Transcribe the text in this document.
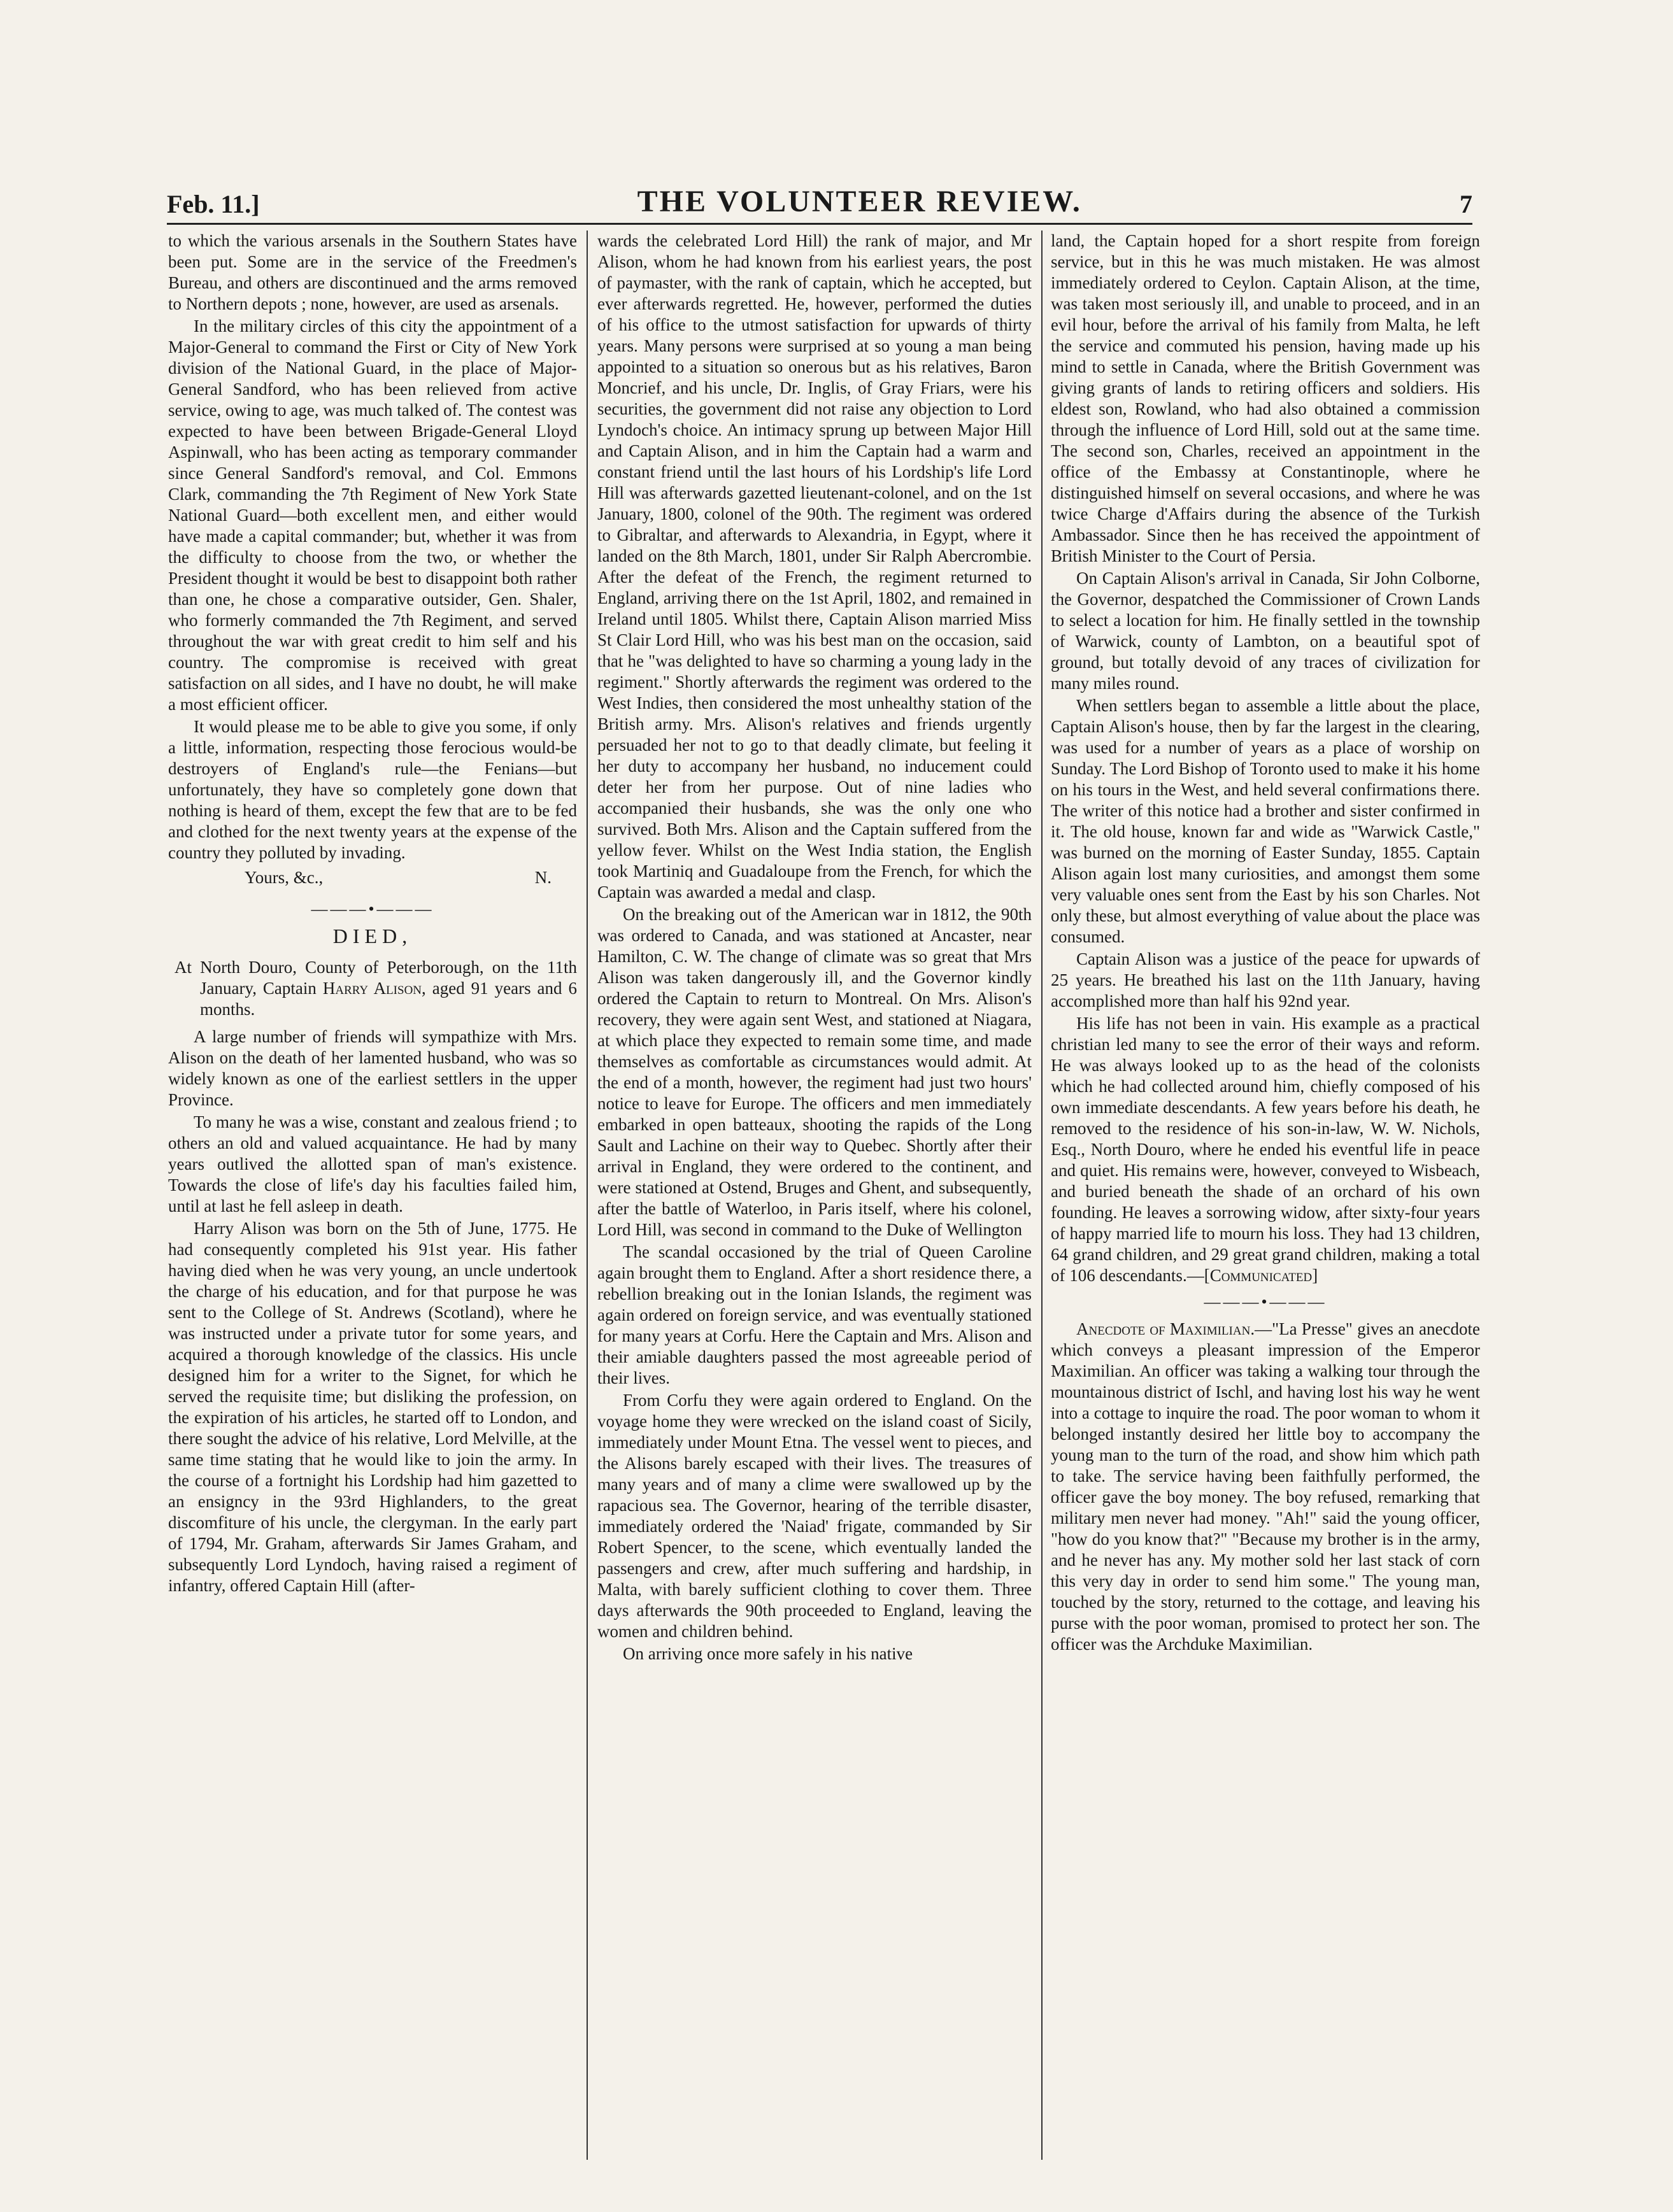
Feb. 11.]	THE VOLUNTEER REVIEW.	7

to which the various arsenals in the Southern States have been put. Some are in the service of the Freedmen's Bureau, and others are discontinued and the arms removed to Northern depots ; none, however, are used as arsenals.

In the military circles of this city the appointment of a Major-General to command the First or City of New York division of the National Guard, in the place of Major-General Sandford, who has been relieved from active service, owing to age, was much talked of. The contest was expected to have been between Brigade-General Lloyd Aspinwall, who has been acting as temporary commander since General Sandford's removal, and Col. Emmons Clark, commanding the 7th Regiment of New York State National Guard—both excellent men, and either would have made a capital commander; but, whether it was from the difficulty to choose from the two, or whether the President thought it would be best to disappoint both rather than one, he chose a comparative outsider, Gen. Shaler, who formerly commanded the 7th Regiment, and served throughout the war with great credit to him self and his country. The compromise is received with great satisfaction on all sides, and I have no doubt, he will make a most efficient officer.

It would please me to be able to give you some, if only a little, information, respecting those ferocious would-be destroyers of England's rule—the Fenians—but unfortunately, they have so completely gone down that nothing is heard of them, except the few that are to be fed and clothed for the next twenty years at the expense of the country they polluted by invading.

Yours, &c.,	N.
———•———
DIED,

At North Douro, County of Peterborough, on the 11th January, Captain Harry Alison, aged 91 years and 6 months.

A large number of friends will sympathize with Mrs. Alison on the death of her lamented husband, who was so widely known as one of the earliest settlers in the upper Province.

To many he was a wise, constant and zealous friend ; to others an old and valued acquaintance. He had by many years outlived the allotted span of man's existence. Towards the close of life's day his faculties failed him, until at last he fell asleep in death.

Harry Alison was born on the 5th of June, 1775. He had consequently completed his 91st year. His father having died when he was very young, an uncle undertook the charge of his education, and for that purpose he was sent to the College of St. Andrews (Scotland), where he was instructed under a private tutor for some years, and acquired a thorough knowledge of the classics. His uncle designed him for a writer to the Signet, for which he served the requisite time; but disliking the profession, on the expiration of his articles, he started off to London, and there sought the advice of his relative, Lord Melville, at the same time stating that he would like to join the army. In the course of a fortnight his Lordship had him gazetted to an ensigncy in the 93rd Highlanders, to the great discomfiture of his uncle, the clergyman. In the early part of 1794, Mr. Graham, afterwards Sir James Graham, and subsequently Lord Lyndoch, having raised a regiment of infantry, offered Captain Hill (after-

wards the celebrated Lord Hill) the rank of major, and Mr Alison, whom he had known from his earliest years, the post of paymaster, with the rank of captain, which he accepted, but ever afterwards regretted. He, however, performed the duties of his office to the utmost satisfaction for upwards of thirty years. Many persons were surprised at so young a man being appointed to a situation so onerous but as his relatives, Baron Moncrief, and his uncle, Dr. Inglis, of Gray Friars, were his securities, the government did not raise any objection to Lord Lyndoch's choice. An intimacy sprung up between Major Hill and Captain Alison, and in him the Captain had a warm and constant friend until the last hours of his Lordship's life Lord Hill was afterwards gazetted lieutenant-colonel, and on the 1st January, 1800, colonel of the 90th. The regiment was ordered to Gibraltar, and afterwards to Alexandria, in Egypt, where it landed on the 8th March, 1801, under Sir Ralph Abercrombie. After the defeat of the French, the regiment returned to England, arriving there on the 1st April, 1802, and remained in Ireland until 1805. Whilst there, Captain Alison married Miss St Clair Lord Hill, who was his best man on the occasion, said that he "was delighted to have so charming a young lady in the regiment." Shortly afterwards the regiment was ordered to the West Indies, then considered the most unhealthy station of the British army. Mrs. Alison's relatives and friends urgently persuaded her not to go to that deadly climate, but feeling it her duty to accompany her husband, no inducement could deter her from her purpose. Out of nine ladies who accompanied their husbands, she was the only one who survived. Both Mrs. Alison and the Captain suffered from the yellow fever. Whilst on the West India station, the English took Martiniq and Guadaloupe from the French, for which the Captain was awarded a medal and clasp.

On the breaking out of the American war in 1812, the 90th was ordered to Canada, and was stationed at Ancaster, near Hamilton, C. W. The change of climate was so great that Mrs Alison was taken dangerously ill, and the Governor kindly ordered the Captain to return to Montreal. On Mrs. Alison's recovery, they were again sent West, and stationed at Niagara, at which place they expected to remain some time, and made themselves as comfortable as circumstances would admit. At the end of a month, however, the regiment had just two hours' notice to leave for Europe. The officers and men immediately embarked in open batteaux, shooting the rapids of the Long Sault and Lachine on their way to Quebec. Shortly after their arrival in England, they were ordered to the continent, and were stationed at Ostend, Bruges and Ghent, and subsequently, after the battle of Waterloo, in Paris itself, where his colonel, Lord Hill, was second in command to the Duke of Wellington

The scandal occasioned by the trial of Queen Caroline again brought them to England. After a short residence there, a rebellion breaking out in the Ionian Islands, the regiment was again ordered on foreign service, and was eventually stationed for many years at Corfu. Here the Captain and Mrs. Alison and their amiable daughters passed the most agreeable period of their lives.

From Corfu they were again ordered to England. On the voyage home they were wrecked on the island coast of Sicily, immediately under Mount Etna. The vessel went to pieces, and the Alisons barely escaped with their lives. The treasures of many years and of many a clime were swallowed up by the rapacious sea. The Governor, hearing of the terrible disaster, immediately ordered the 'Naiad' frigate, commanded by Sir Robert Spencer, to the scene, which eventually landed the passengers and crew, after much suffering and hardship, in Malta, with barely sufficient clothing to cover them. Three days afterwards the 90th proceeded to England, leaving the women and children behind.

On arriving once more safely in his native

land, the Captain hoped for a short respite from foreign service, but in this he was much mistaken. He was almost immediately ordered to Ceylon. Captain Alison, at the time, was taken most seriously ill, and unable to proceed, and in an evil hour, before the arrival of his family from Malta, he left the service and commuted his pension, having made up his mind to settle in Canada, where the British Government was giving grants of lands to retiring officers and soldiers. His eldest son, Rowland, who had also obtained a commission through the influence of Lord Hill, sold out at the same time. The second son, Charles, received an appointment in the office of the Embassy at Constantinople, where he distinguished himself on several occasions, and where he was twice Charge d'Affairs during the absence of the Turkish Ambassador. Since then he has received the appointment of British Minister to the Court of Persia.

On Captain Alison's arrival in Canada, Sir John Colborne, the Governor, despatched the Commissioner of Crown Lands to select a location for him. He finally settled in the township of Warwick, county of Lambton, on a beautiful spot of ground, but totally devoid of any traces of civilization for many miles round.

When settlers began to assemble a little about the place, Captain Alison's house, then by far the largest in the clearing, was used for a number of years as a place of worship on Sunday. The Lord Bishop of Toronto used to make it his home on his tours in the West, and held several confirmations there. The writer of this notice had a brother and sister confirmed in it. The old house, known far and wide as "Warwick Castle," was burned on the morning of Easter Sunday, 1855. Captain Alison again lost many curiosities, and amongst them some very valuable ones sent from the East by his son Charles. Not only these, but almost everything of value about the place was consumed.

Captain Alison was a justice of the peace for upwards of 25 years. He breathed his last on the 11th January, having accomplished more than half his 92nd year.

His life has not been in vain. His example as a practical christian led many to see the error of their ways and reform. He was always looked up to as the head of the colonists which he had collected around him, chiefly composed of his own immediate descendants. A few years before his death, he removed to the residence of his son-in-law, W. W. Nichols, Esq., North Douro, where he ended his eventful life in peace and quiet. His remains were, however, conveyed to Wisbeach, and buried beneath the shade of an orchard of his own founding. He leaves a sorrowing widow, after sixty-four years of happy married life to mourn his loss. They had 13 children, 64 grand children, and 29 great grand children, making a total of 106 descendants.—[Communicated]

———•———

Anecdote of Maximilian.—"La Presse" gives an anecdote which conveys a pleasant impression of the Emperor Maximilian. An officer was taking a walking tour through the mountainous district of Ischl, and having lost his way he went into a cottage to inquire the road. The poor woman to whom it belonged instantly desired her little boy to accompany the young man to the turn of the road, and show him which path to take. The service having been faithfully performed, the officer gave the boy money. The boy refused, remarking that military men never had money. "Ah!" said the young officer, "how do you know that?" "Because my brother is in the army, and he never has any. My mother sold her last stack of corn this very day in order to send him some." The young man, touched by the story, returned to the cottage, and leaving his purse with the poor woman, promised to protect her son. The officer was the Archduke Maximilian.
